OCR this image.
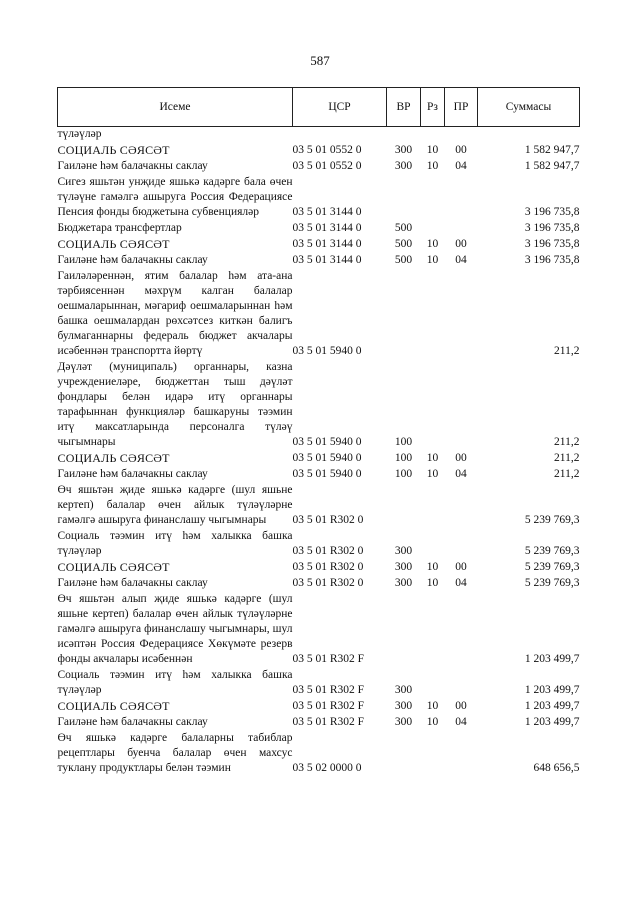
587
Исеме	ЦСР	ВР	Рз	ПР	Суммасы
түләүләр					
СОЦИАЛЬ СӘЯСӘТ	03 5 01 0552 0	300	10	00	1 582 947,7
Гаиләне һәм балачакны саклау	03 5 01 0552 0	300	10	04	1 582 947,7
Сигез яшьтән унҗиде яшькә кадәрге бала өчен түләүне гамәлгә ашыруга Россия Федерациясе Пенсия фонды бюджетына субвенцияләр	03 5 01 3144 0				3 196 735,8
Бюджетара трансфертлар	03 5 01 3144 0	500			3 196 735,8
СОЦИАЛЬ СӘЯСӘТ	03 5 01 3144 0	500	10	00	3 196 735,8
Гаиләне һәм балачакны саклау	03 5 01 3144 0	500	10	04	3 196 735,8
Гаиләләреннән, ятим балалар һәм ата-ана тәрбиясеннән мәхрүм калган балалар оешмаларыннан, мәгариф оешмаларыннан һәм башка оешмалардан рөхсәтсез киткән балигъ булмаганнарны федераль бюджет акчалары исәбеннән транспортта йөртү	03 5 01 5940 0				211,2
Дәүләт (муниципаль) органнары, казна учреждениеләре, бюджеттан тыш дәүләт фондлары белән идарә итү органнары тарафыннан функцияләр башкаруны тәэмин итү максатларында персоналга түләү чыгымнары	03 5 01 5940 0	100			211,2
СОЦИАЛЬ СӘЯСӘТ	03 5 01 5940 0	100	10	00	211,2
Гаиләне һәм балачакны саклау	03 5 01 5940 0	100	10	04	211,2
Өч яшьтән җиде яшькә кадәрге (шул яшьне кертеп) балалар өчен айлык түләүләрне гамәлгә ашыруга финанслашу чыгымнары	03 5 01 R302 0				5 239 769,3
Социаль тәэмин итү һәм халыкка башка түләүләр	03 5 01 R302 0	300			5 239 769,3
СОЦИАЛЬ СӘЯСӘТ	03 5 01 R302 0	300	10	00	5 239 769,3
Гаиләне һәм балачакны саклау	03 5 01 R302 0	300	10	04	5 239 769,3
Өч яшьтән алып җиде яшькә кадәрге (шул яшьне кертеп) балалар өчен айлык түләүләрне гамәлгә ашыруга финанслашу чыгымнары, шул исәптән Россия Федерациясе Хөкүмәте резерв фонды акчалары исәбеннән	03 5 01 R302 F				1 203 499,7
Социаль тәэмин итү һәм халыкка башка түләүләр	03 5 01 R302 F	300			1 203 499,7
СОЦИАЛЬ СӘЯСӘТ	03 5 01 R302 F	300	10	00	1 203 499,7
Гаиләне һәм балачакны саклау	03 5 01 R302 F	300	10	04	1 203 499,7
Өч яшькә кадәрге балаларны табиблар рецептлары буенча балалар өчен махсус туклану продуктлары белән тәэмин	03 5 02 0000 0				648 656,5
